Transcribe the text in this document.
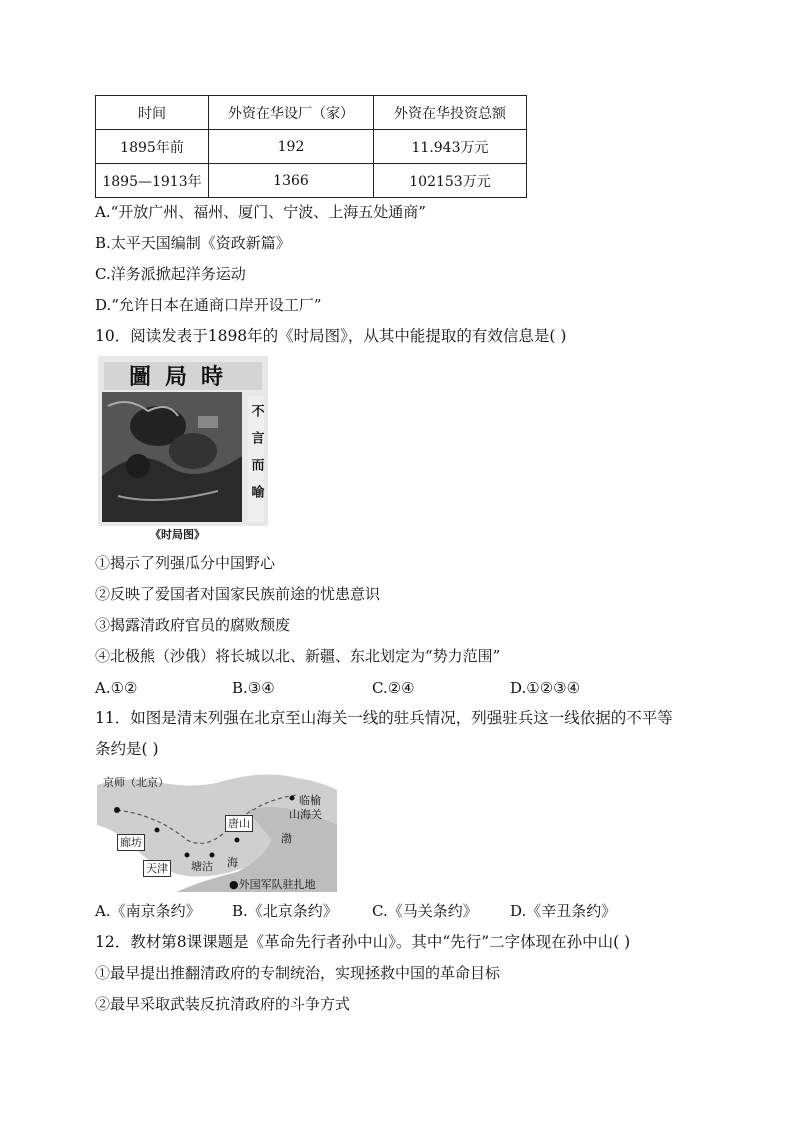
时间	外资在华设厂（家）	外资在华投资总额
1895年前	192	11.943万元
1895—1913年	1366	102153万元
A.“开放广州、福州、厦门、宁波、上海五处通商”
B.太平天国编制《资政新篇》
C.洋务派掀起洋务运动
D.“允许日本在通商口岸开设工厂”
10．阅读发表于1898年的《时局图》，从其中能提取的有效信息是( )
圖局時
不言而喻
《时局图》
①揭示了列强瓜分中国野心
②反映了爱国者对国家民族前途的忧患意识
③揭露清政府官员的腐败颓废
④北极熊（沙俄）将长城以北、新疆、东北划定为“势力范围”
A.①②	B.③④	C.②④	D.①②③④
11．如图是清末列强在北京至山海关一线的驻兵情况，列强驻兵这一线依据的不平等
条约是( )
京师（北京）
临榆
山海关
唐山
渤
海
廊坊
天津 塘沽
●外国军队驻扎地
A.《南京条约》 B.《北京条约》 C.《马关条约》 D.《辛丑条约》
12．教材第8课课题是《革命先行者孙中山》。其中“先行”二字体现在孙中山( )
①最早提出推翻清政府的专制统治，实现拯救中国的革命目标
②最早采取武装反抗清政府的斗争方式
